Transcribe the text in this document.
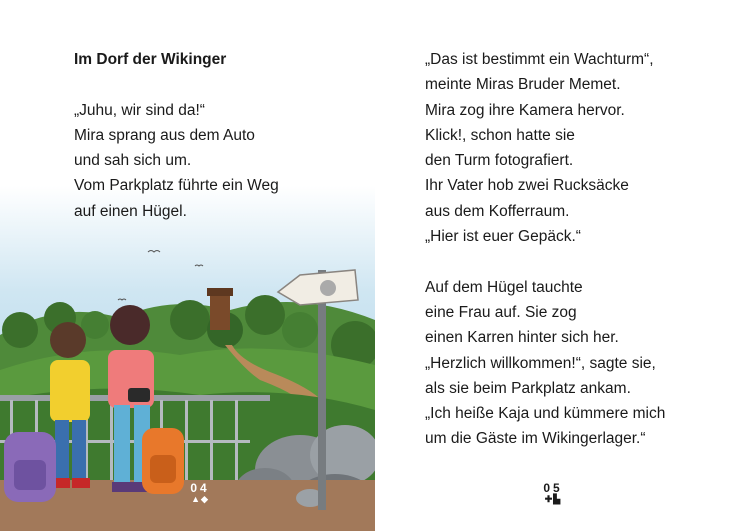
Im Dorf der Wikinger
„Juhu, wir sind da!“
Mira sprang aus dem Auto
und sah sich um.
Vom Parkplatz führte ein Weg
auf einen Hügel.
04
▲◆
„Das ist bestimmt ein Wachturm“,
meinte Miras Bruder Memet.
Mira zog ihre Kamera hervor.
Klick!, schon hatte sie
den Turm fotografiert.
Ihr Vater hob zwei Rucksäcke
aus dem Kofferraum.
„Hier ist euer Gepäck.“
Auf dem Hügel tauchte
eine Frau auf. Sie zog
einen Karren hinter sich her.
„Herzlich willkommen!“, sagte sie,
als sie beim Parkplatz ankam.
„Ich heiße Kaja und kümmere mich
um die Gäste im Wikingerlager.“
05
✚▙
